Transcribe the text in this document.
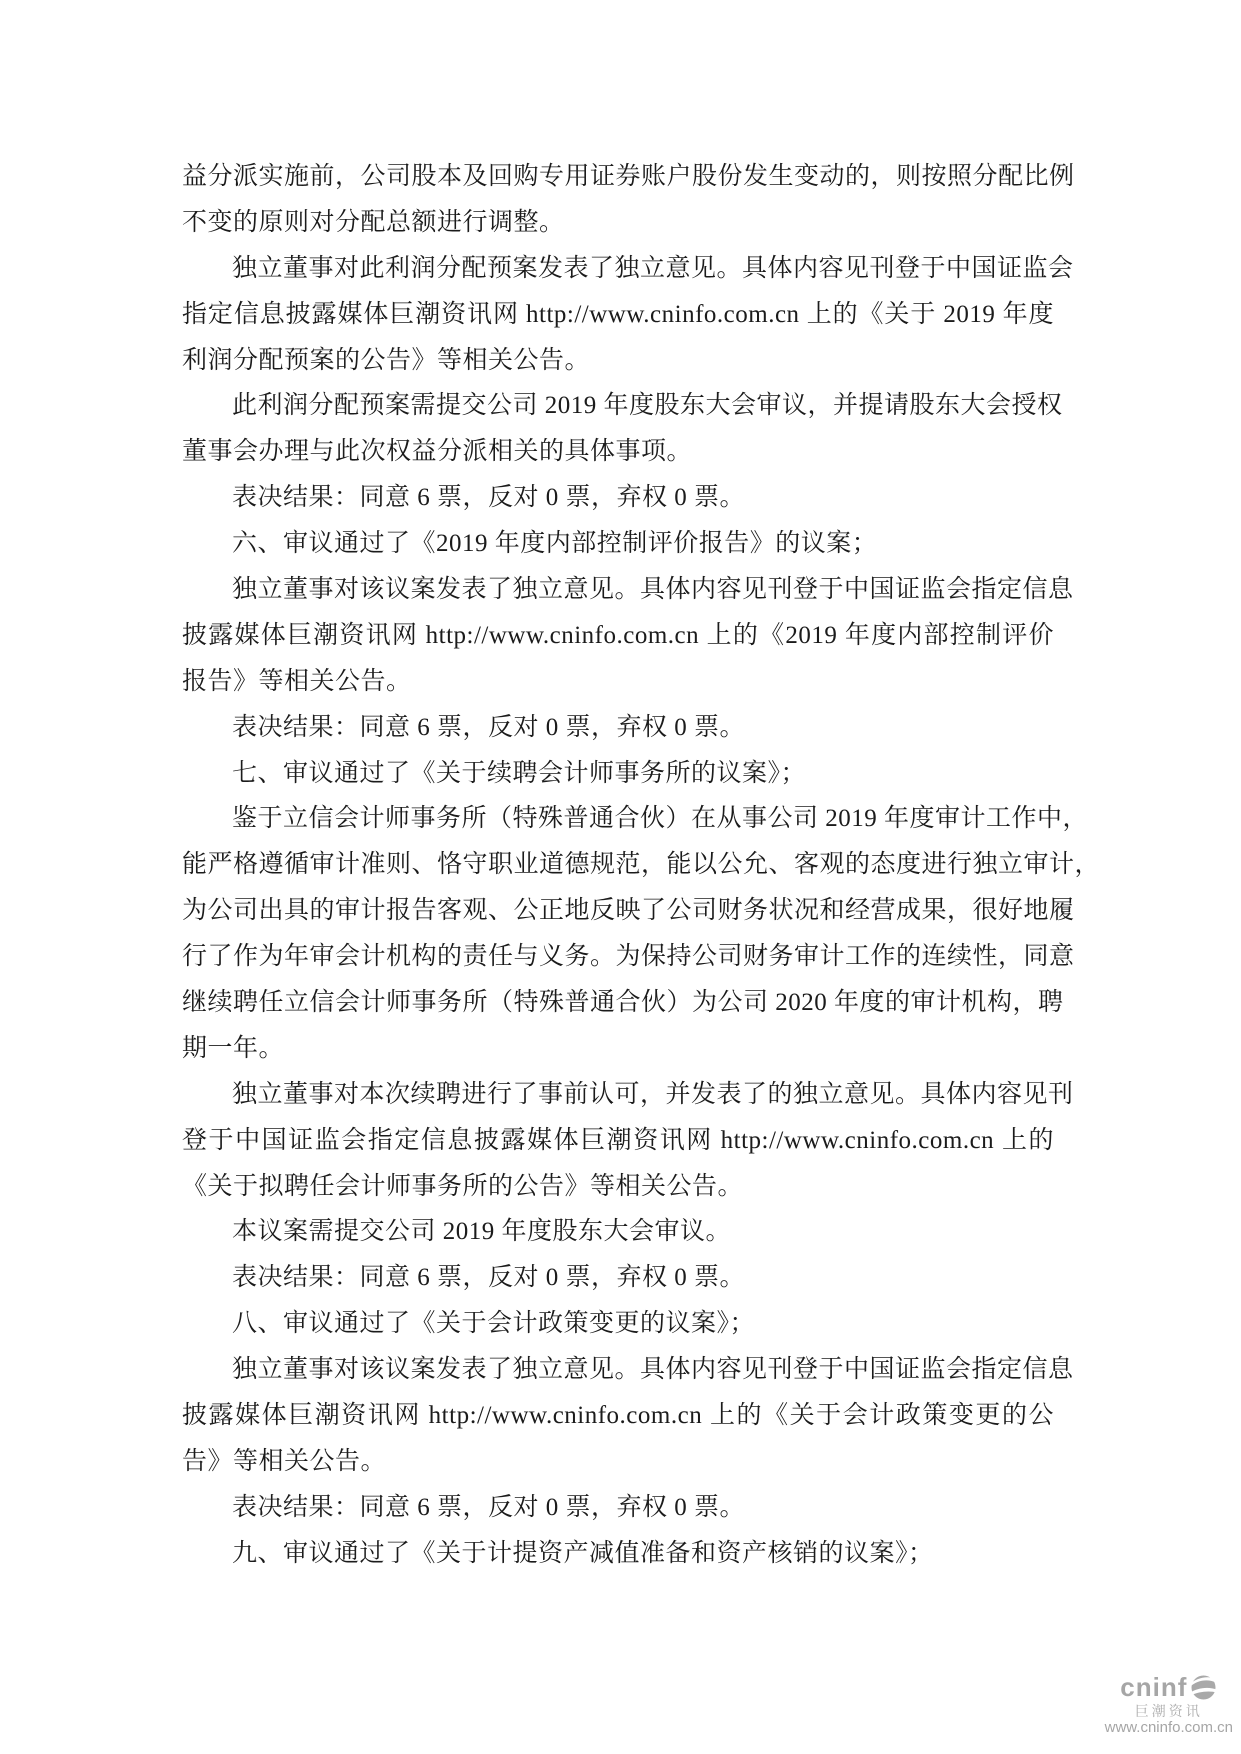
益分派实施前，公司股本及回购专用证券账户股份发生变动的，则按照分配比例
不变的原则对分配总额进行调整。
独立董事对此利润分配预案发表了独立意见。具体内容见刊登于中国证监会
指定信息披露媒体巨潮资讯网 http://www.cninfo.com.cn 上的《关于 2019 年度
利润分配预案的公告》等相关公告。
此利润分配预案需提交公司 2019 年度股东大会审议，并提请股东大会授权
董事会办理与此次权益分派相关的具体事项。
表决结果：同意 6 票，反对 0 票，弃权 0 票。
六、审议通过了《2019 年度内部控制评价报告》的议案；
独立董事对该议案发表了独立意见。具体内容见刊登于中国证监会指定信息
披露媒体巨潮资讯网 http://www.cninfo.com.cn 上的《2019 年度内部控制评价
报告》等相关公告。
表决结果：同意 6 票，反对 0 票，弃权 0 票。
七、审议通过了《关于续聘会计师事务所的议案》；
鉴于立信会计师事务所（特殊普通合伙）在从事公司 2019 年度审计工作中，
能严格遵循审计准则、恪守职业道德规范，能以公允、客观的态度进行独立审计，
为公司出具的审计报告客观、公正地反映了公司财务状况和经营成果，很好地履
行了作为年审会计机构的责任与义务。为保持公司财务审计工作的连续性，同意
继续聘任立信会计师事务所（特殊普通合伙）为公司 2020 年度的审计机构，聘
期一年。
独立董事对本次续聘进行了事前认可，并发表了的独立意见。具体内容见刊
登于中国证监会指定信息披露媒体巨潮资讯网 http://www.cninfo.com.cn 上的
《关于拟聘任会计师事务所的公告》等相关公告。
本议案需提交公司 2019 年度股东大会审议。
表决结果：同意 6 票，反对 0 票，弃权 0 票。
八、审议通过了《关于会计政策变更的议案》；
独立董事对该议案发表了独立意见。具体内容见刊登于中国证监会指定信息
披露媒体巨潮资讯网 http://www.cninfo.com.cn 上的《关于会计政策变更的公
告》等相关公告。
表决结果：同意 6 票，反对 0 票，弃权 0 票。
九、审议通过了《关于计提资产减值准备和资产核销的议案》；
cninf
巨潮资讯
www.cninfo.com.cn
